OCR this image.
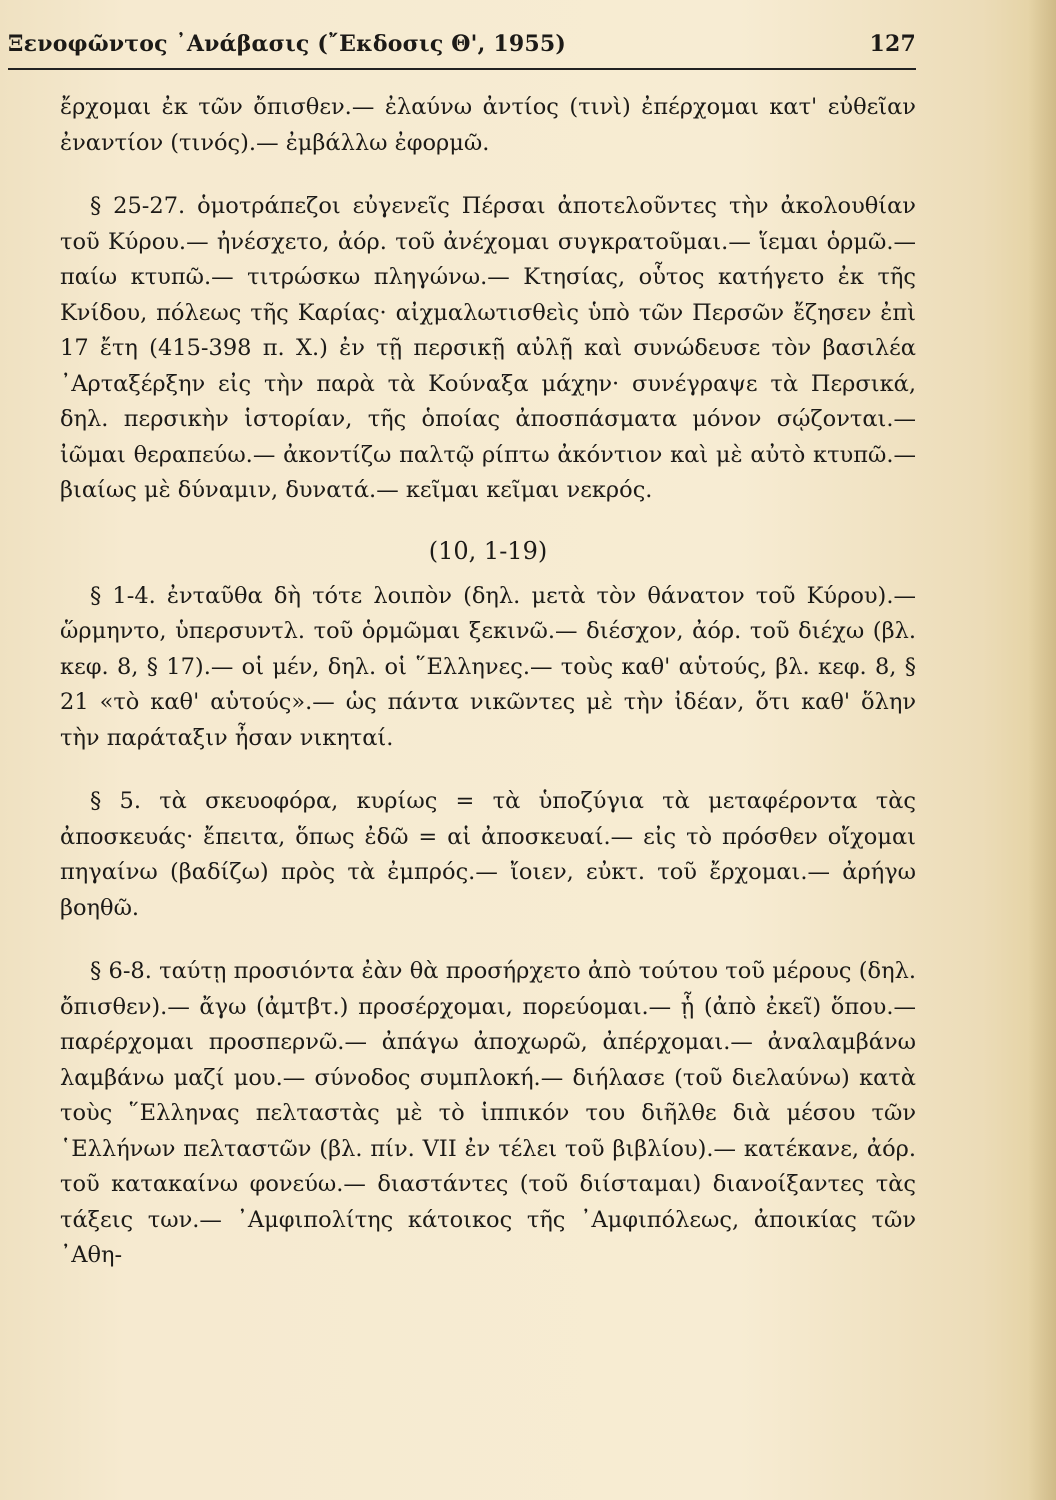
Ξενοφῶντος ᾿Ανάβασις (῎Εκδοσις Θ', 1955)	127

ἔρχομαι ἐκ τῶν ὄπισθεν.— ἐλαύνω ἀντίος (τινὶ) ἐπέρχομαι κατ' εὐθεῖαν ἐναντίον (τινός).— ἐμβάλλω ἐφορμῶ.

§ 25-27. ὁμοτράπεζοι εὐγενεῖς Πέρσαι ἀποτελοῦντες τὴν ἀκολουθίαν τοῦ Κύρου.— ἠνέσχετο, ἀόρ. τοῦ ἀνέχομαι συγκρατοῦμαι.— ἵεμαι ὁρμῶ.— παίω κτυπῶ.— τιτρώσκω πληγώνω.— Κτησίας, οὗτος κατήγετο ἐκ τῆς Κνίδου, πόλεως τῆς Καρίας· αἰχμαλωτισθεὶς ὑπὸ τῶν Περσῶν ἔζησεν ἐπὶ 17 ἔτη (415-398 π. Χ.) ἐν τῇ περσικῇ αὐλῇ καὶ συνώδευσε τὸν βασιλέα ᾿Αρταξέρξην εἰς τὴν παρὰ τὰ Κούναξα μάχην· συνέγραψε τὰ Περσικά, δηλ. περσικὴν ἱστορίαν, τῆς ὁποίας ἀποσπάσματα μόνον σῴζονται.— ἰῶμαι θεραπεύω.— ἀκοντίζω παλτῷ ρίπτω ἀκόντιον καὶ μὲ αὐτὸ κτυπῶ.— βιαίως μὲ δύναμιν, δυνατά.— κεῖμαι κεῖμαι νεκρός.

(10, 1-19)

§ 1-4. ἐνταῦθα δὴ τότε λοιπὸν (δηλ. μετὰ τὸν θάνατον τοῦ Κύρου).— ὥρμηντο, ὑπερσυντλ. τοῦ ὁρμῶμαι ξεκινῶ.— διέσχον, ἀόρ. τοῦ διέχω (βλ. κεφ. 8, § 17).— οἱ μέν, δηλ. οἱ ῞Ελληνες.— τοὺς καθ' αὑτούς, βλ. κεφ. 8, § 21 «τὸ καθ' αὑτούς».— ὡς πάντα νικῶντες μὲ τὴν ἰδέαν, ὅτι καθ' ὅλην τὴν παράταξιν ἦσαν νικηταί.

§ 5. τὰ σκευοφόρα, κυρίως = τὰ ὑποζύγια τὰ μεταφέροντα τὰς ἀποσκευάς· ἔπειτα, ὅπως ἐδῶ = αἱ ἀποσκευαί.— εἰς τὸ πρόσθεν οἴχομαι πηγαίνω (βαδίζω) πρὸς τὰ ἐμπρός.— ἴοιεν, εὐκτ. τοῦ ἔρχομαι.— ἀρήγω βοηθῶ.

§ 6-8. ταύτῃ προσιόντα ἐὰν θὰ προσήρχετο ἀπὸ τούτου τοῦ μέρους (δηλ. ὄπισθεν).— ἄγω (ἀμτβτ.) προσέρχομαι, πορεύομαι.— ᾗ (ἀπὸ ἐκεῖ) ὅπου.— παρέρχομαι προσπερνῶ.— ἀπάγω ἀποχωρῶ, ἀπέρχομαι.— ἀναλαμβάνω λαμβάνω μαζί μου.— σύνοδος συμπλοκή.— διήλασε (τοῦ διελαύνω) κατὰ τοὺς ῞Ελληνας πελταστὰς μὲ τὸ ἱππικόν του διῆλθε διὰ μέσου τῶν ῾Ελλήνων πελταστῶν (βλ. πίν. VII ἐν τέλει τοῦ βιβλίου).— κατέκανε, ἀόρ. τοῦ κατακαίνω φονεύω.— διαστάντες (τοῦ διίσταμαι) διανοίξαντες τὰς τάξεις των.— ᾿Αμφιπολίτης κάτοικος τῆς ᾿Αμφιπόλεως, ἀποικίας τῶν ᾿Αθη-
